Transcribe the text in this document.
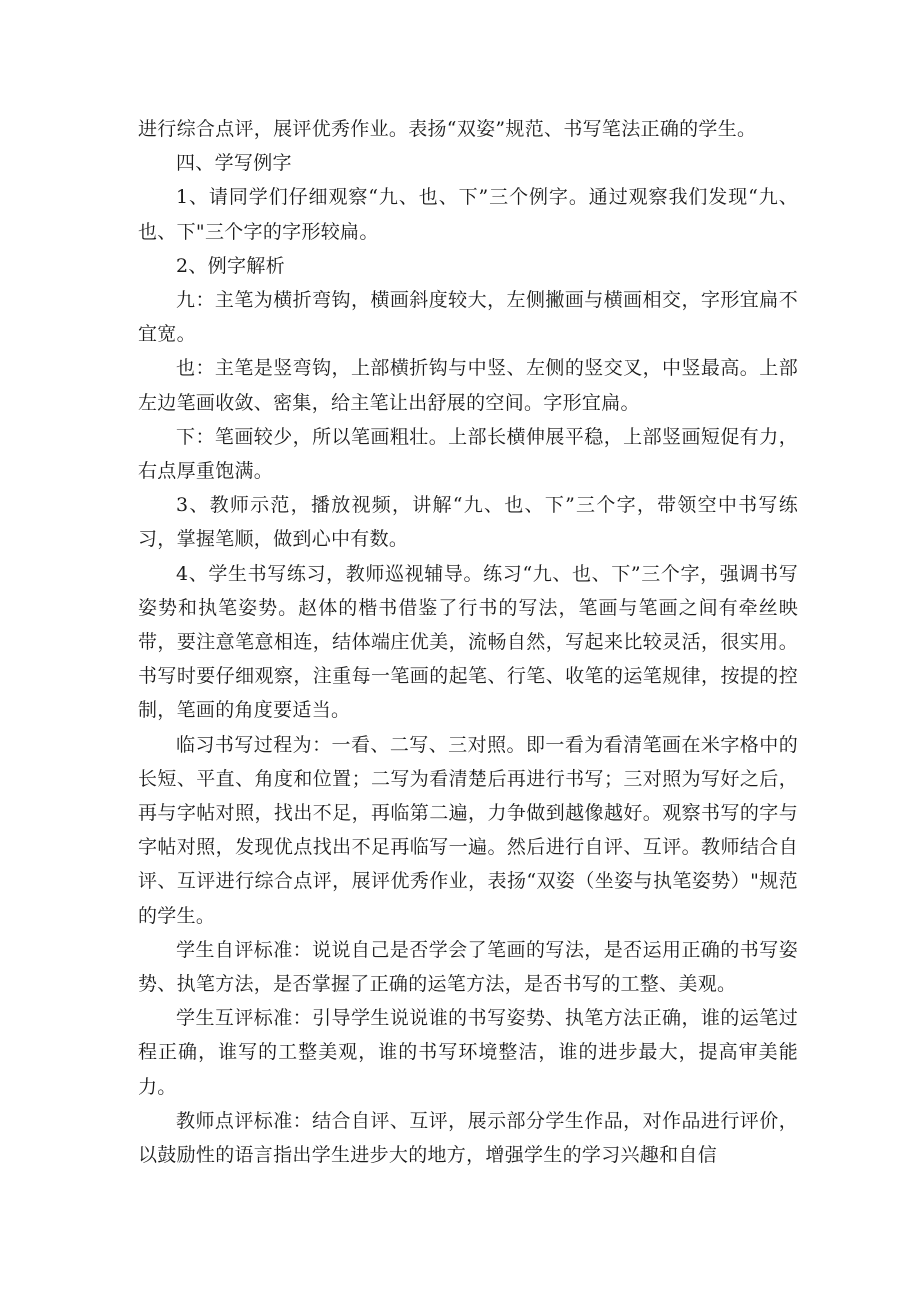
进行综合点评，展评优秀作业。表扬“双姿”规范、书写笔法正确的学生。

四、学写例字

1、请同学们仔细观察“九、也、下”三个例字。通过观察我们发现“九、也、下"三个字的字形较扁。

2、例字解析

九：主笔为横折弯钩，横画斜度较大，左侧撇画与横画相交，字形宜扁不宜宽。

也：主笔是竖弯钩，上部横折钩与中竖、左侧的竖交叉，中竖最高。上部左边笔画收敛、密集，给主笔让出舒展的空间。字形宜扁。

下：笔画较少，所以笔画粗壮。上部长横伸展平稳，上部竖画短促有力，右点厚重饱满。

3、教师示范，播放视频，讲解“九、也、下”三个字，带领空中书写练习，掌握笔顺，做到心中有数。

4、学生书写练习，教师巡视辅导。练习“九、也、下”三个字，强调书写姿势和执笔姿势。赵体的楷书借鉴了行书的写法，笔画与笔画之间有牵丝映带，要注意笔意相连，结体端庄优美，流畅自然，写起来比较灵活，很实用。书写时要仔细观察，注重每一笔画的起笔、行笔、收笔的运笔规律，按提的控制，笔画的角度要适当。

临习书写过程为：一看、二写、三对照。即一看为看清笔画在米字格中的长短、平直、角度和位置；二写为看清楚后再进行书写；三对照为写好之后，再与字帖对照，找出不足，再临第二遍，力争做到越像越好。观察书写的字与字帖对照，发现优点找出不足再临写一遍。然后进行自评、互评。教师结合自评、互评进行综合点评，展评优秀作业，表扬“双姿（坐姿与执笔姿势）"规范的学生。

学生自评标准：说说自己是否学会了笔画的写法，是否运用正确的书写姿势、执笔方法，是否掌握了正确的运笔方法，是否书写的工整、美观。

学生互评标准：引导学生说说谁的书写姿势、执笔方法正确，谁的运笔过程正确，谁写的工整美观，谁的书写环境整洁，谁的进步最大，提高审美能力。

教师点评标准：结合自评、互评，展示部分学生作品，对作品进行评价，以鼓励性的语言指出学生进步大的地方，增强学生的学习兴趣和自信
